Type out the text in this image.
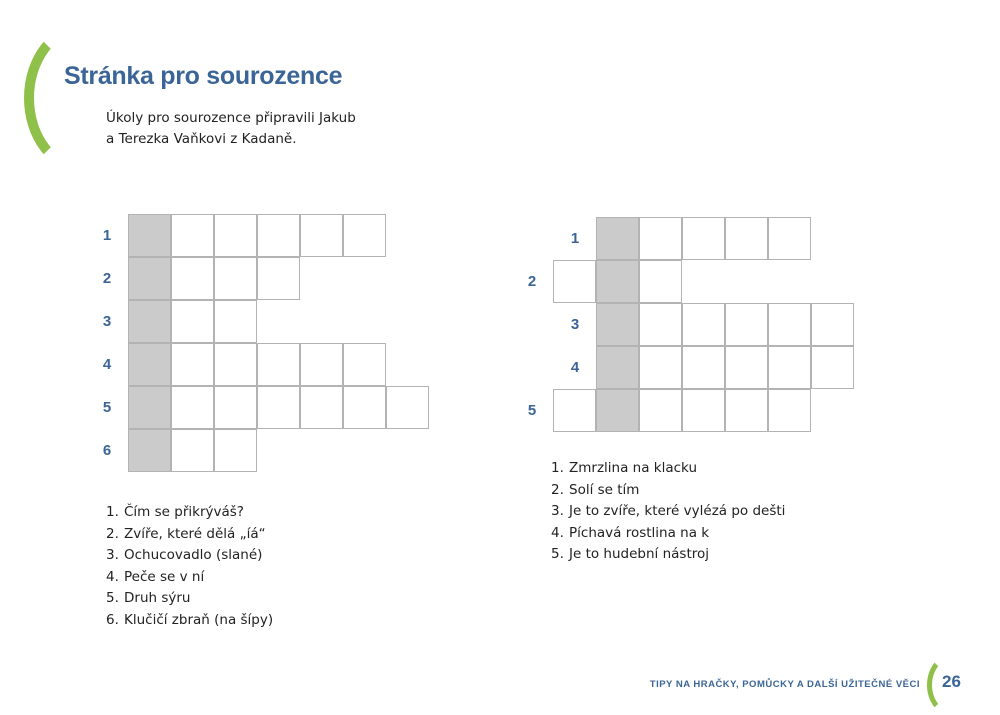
Stránka pro sourozence
Úkoly pro sourozence připravili Jakub
a Terezka Vaňkovi z Kadaně.
1
2
3
4
5
6
1
2
3
4
5
1. Čím se přikrýváš?
2. Zvíře, které dělá „íá“
3. Ochucovadlo (slané)
4. Peče se v ní
5. Druh sýru
6. Klučičí zbraň (na šípy)
1. Zmrzlina na klacku
2. Solí se tím
3. Je to zvíře, které vylézá po dešti
4. Píchavá rostlina na k
5. Je to hudební nástroj
TIPY NA HRAČKY, POMŮCKY A DALŠÍ UŽITEČNÉ VĚCI 26
